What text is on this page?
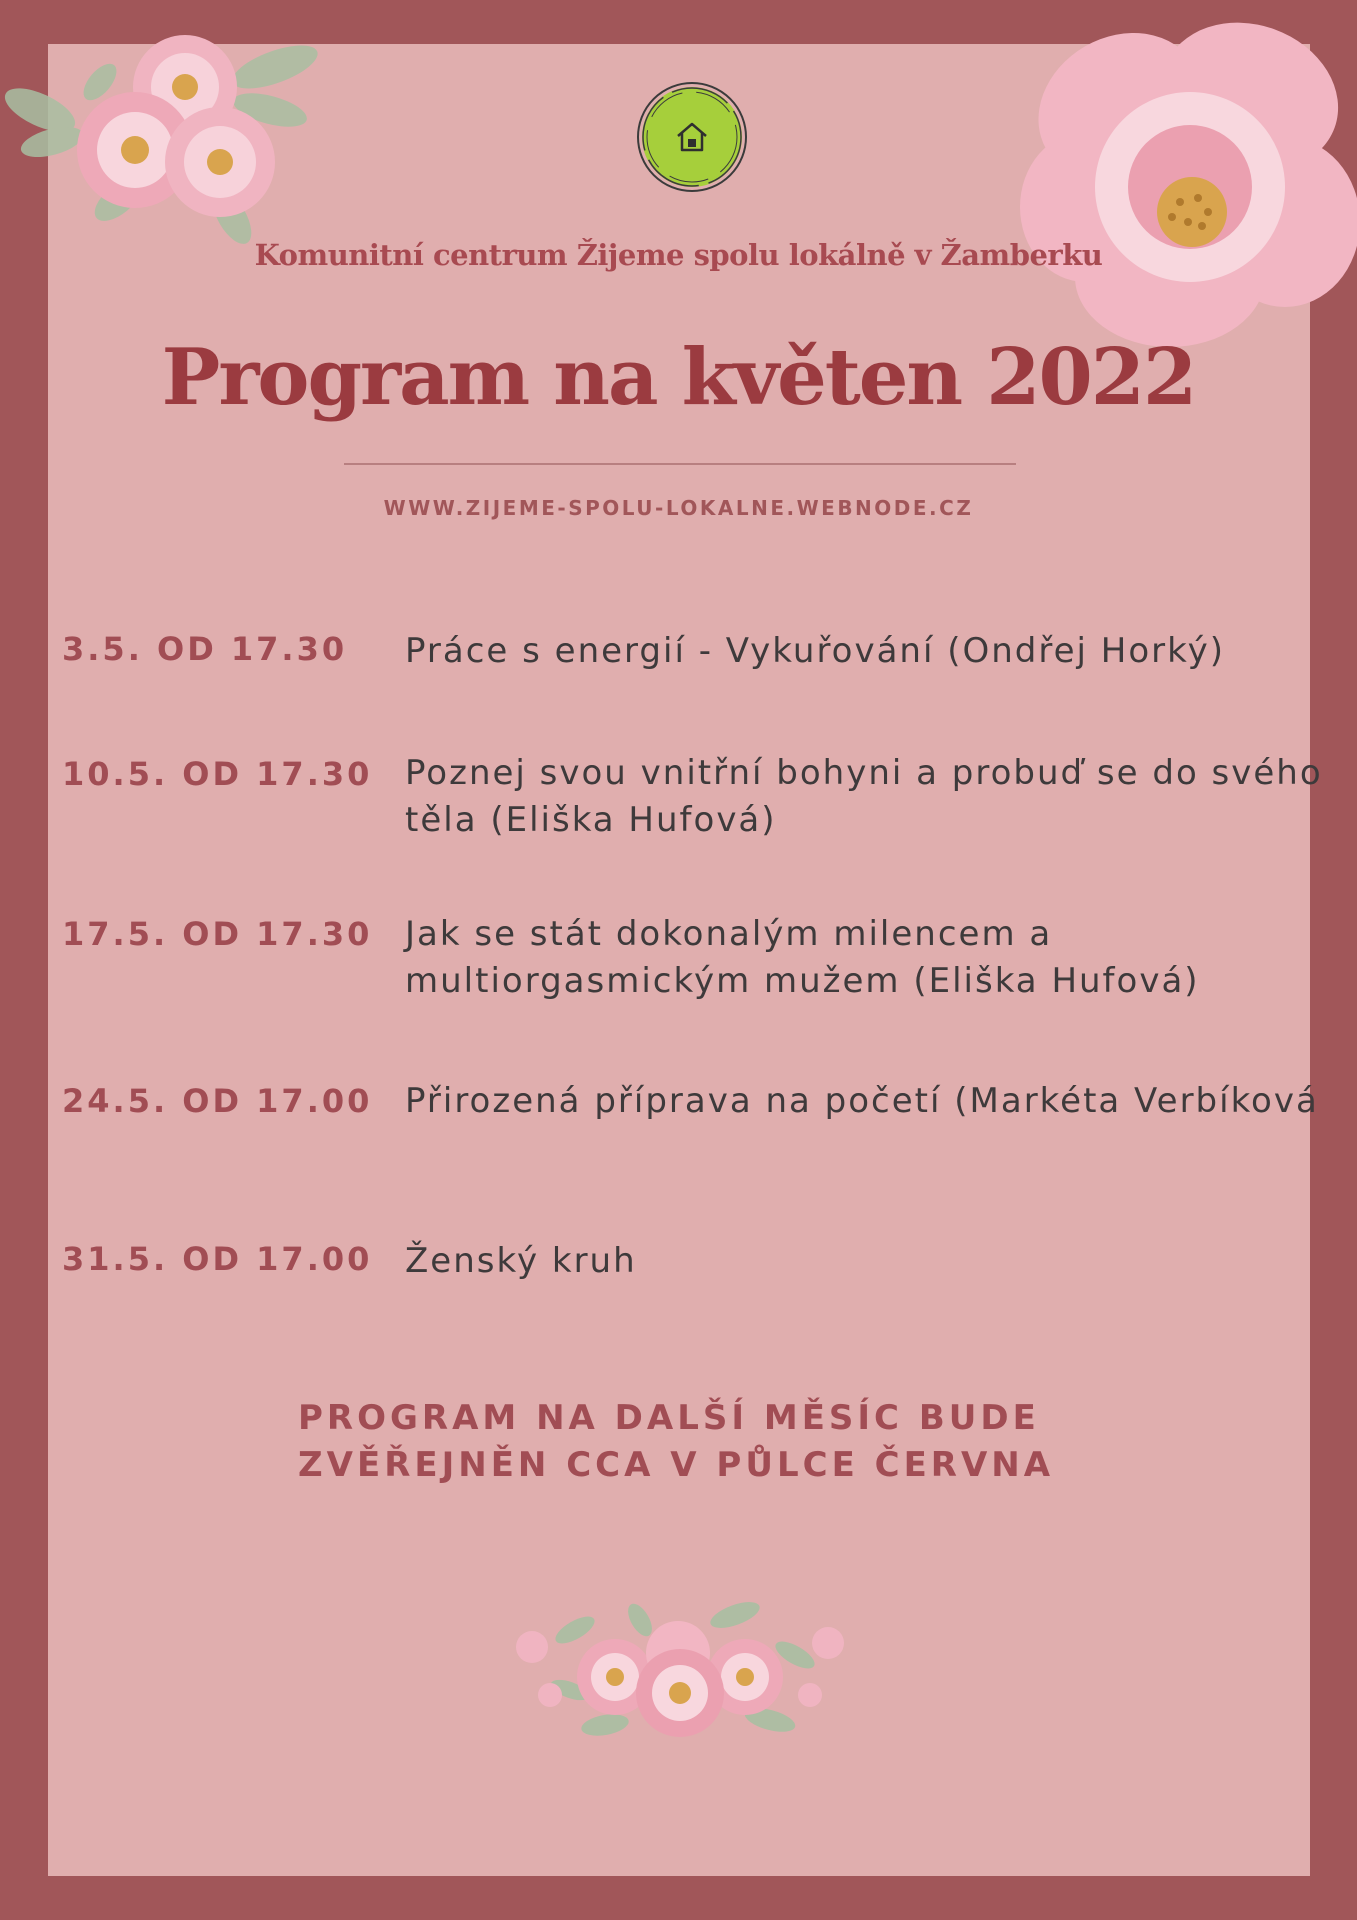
Komunitní centrum Žijeme spolu lokálně v Žamberku
Program na květen 2022
WWW.ZIJEME-SPOLU-LOKALNE.WEBNODE.CZ
3.5. OD 17.30	Práce s energií - Vykuřování (Ondřej Horký)
10.5. OD 17.30 Poznej svou vnitřní bohyni a probuď se do svého těla (Eliška Hufová)
17.5. OD 17.30 Jak se stát dokonalým milencem a multiorgasmickým mužem (Eliška Hufová)
24.5. OD 17.00 Přirozená příprava na početí (Markéta Verbíková
31.5. OD 17.00 Ženský kruh
PROGRAM NA DALŠÍ MĚSÍC BUDE
ZVĚŘEJNĚN CCA V PŮLCE ČERVNA
